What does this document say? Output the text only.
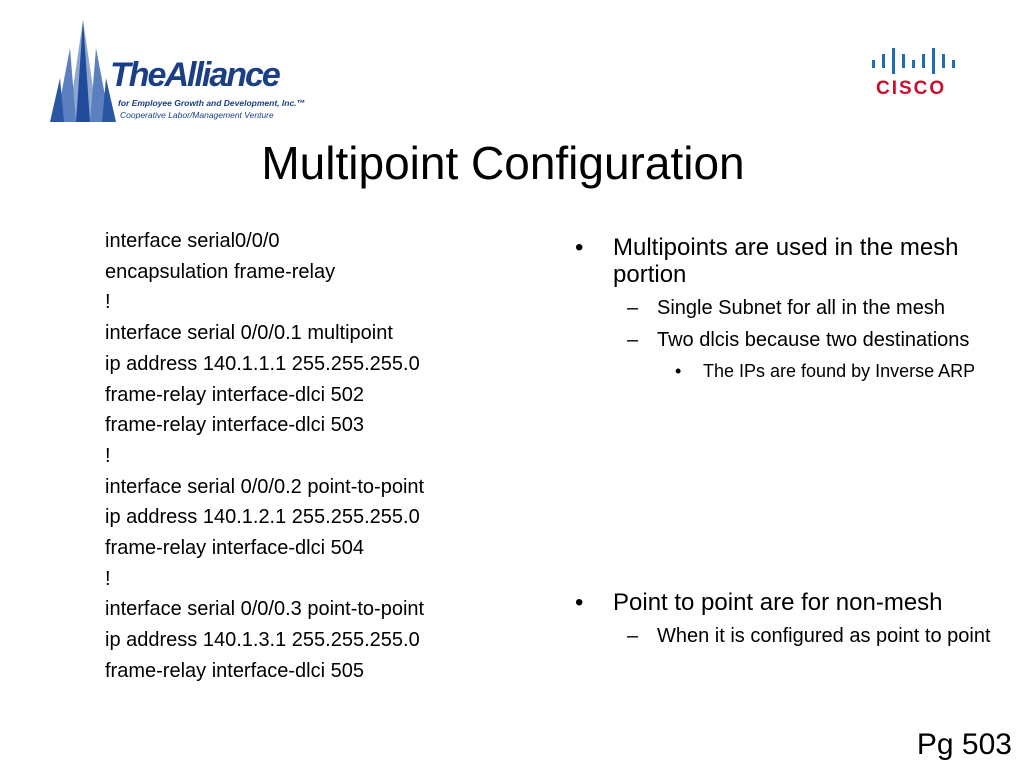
TheAlliance
for Employee Growth and Development, Inc.™
Cooperative Labor/Management Venture
CISCO
Multipoint Configuration
interface serial0/0/0
encapsulation frame-relay
!
interface serial 0/0/0.1 multipoint
ip address 140.1.1.1 255.255.255.0
frame-relay interface-dlci 502
frame-relay interface-dlci 503
!
interface serial 0/0/0.2 point-to-point
ip address 140.1.2.1 255.255.255.0
frame-relay interface-dlci 504
!
interface serial 0/0/0.3 point-to-point
ip address 140.1.3.1 255.255.255.0
frame-relay interface-dlci 505
• Multipoints are used in the mesh portion
– Single Subnet for all in the mesh
– Two dlcis because two destinations
• The IPs are found by Inverse ARP
• Point to point are for non-mesh
– When it is configured as point to point
Pg 503
